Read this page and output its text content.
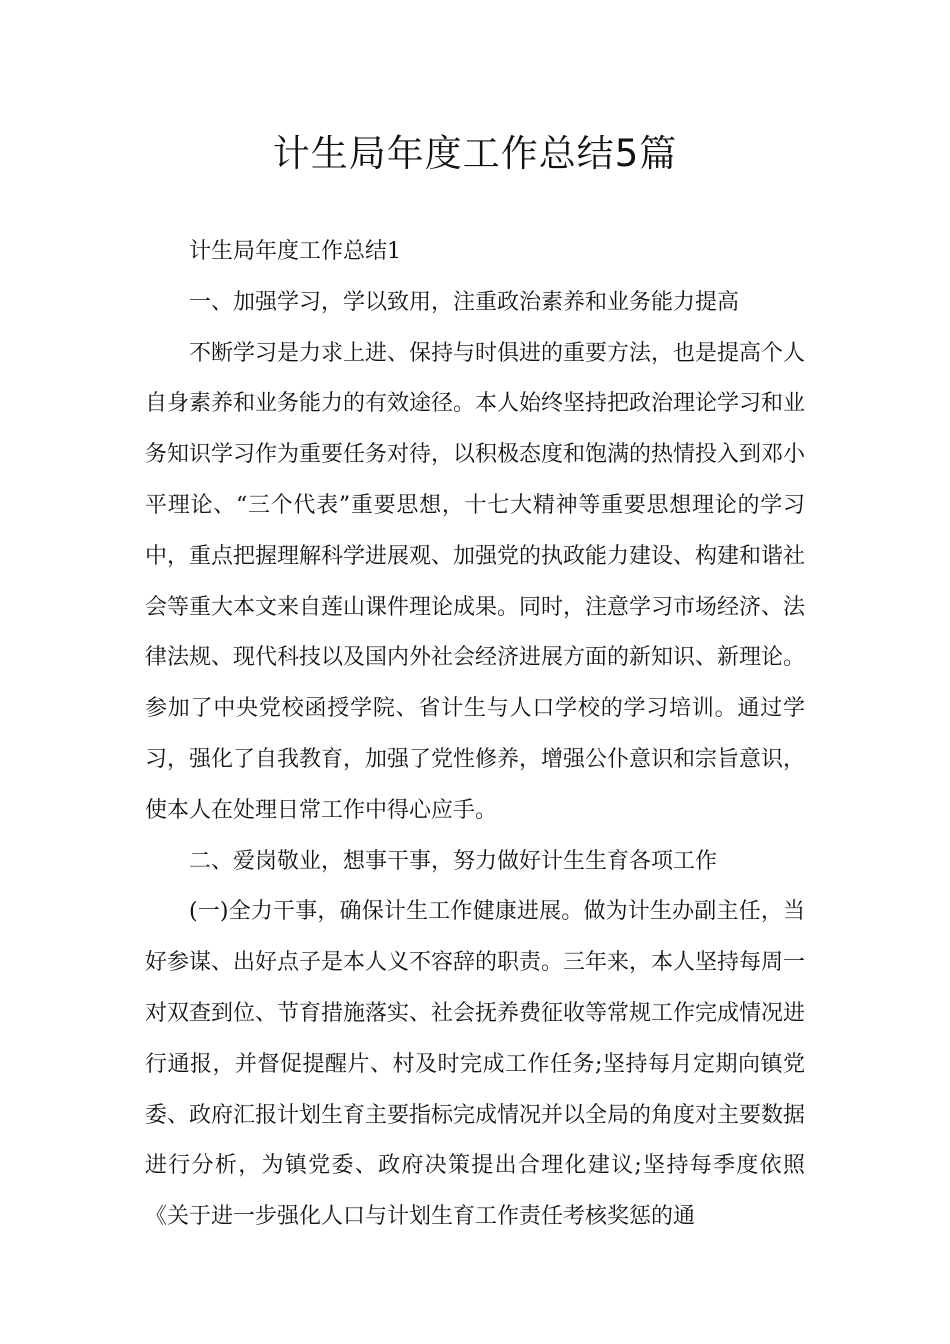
计生局年度工作总结5篇

计生局年度工作总结1

一、加强学习，学以致用，注重政治素养和业务能力提高

不断学习是力求上进、保持与时俱进的重要方法，也是提高个人自身素养和业务能力的有效途径。本人始终坚持把政治理论学习和业务知识学习作为重要任务对待，以积极态度和饱满的热情投入到邓小平理论、“三个代表”重要思想，十七大精神等重要思想理论的学习中，重点把握理解科学进展观、加强党的执政能力建设、构建和谐社会等重大本文来自莲山课件理论成果。同时，注意学习市场经济、法律法规、现代科技以及国内外社会经济进展方面的新知识、新理论。参加了中央党校函授学院、省计生与人口学校的学习培训。通过学习，强化了自我教育，加强了党性修养，增强公仆意识和宗旨意识，使本人在处理日常工作中得心应手。

二、爱岗敬业，想事干事，努力做好计生生育各项工作

(一)全力干事，确保计生工作健康进展。做为计生办副主任，当好参谋、出好点子是本人义不容辞的职责。三年来，本人坚持每周一对双查到位、节育措施落实、社会抚养费征收等常规工作完成情况进行通报，并督促提醒片、村及时完成工作任务;坚持每月定期向镇党委、政府汇报计划生育主要指标完成情况并以全局的角度对主要数据进行分析，为镇党委、政府决策提出合理化建议;坚持每季度依照《关于进一步强化人口与计划生育工作责任考核奖惩的通
